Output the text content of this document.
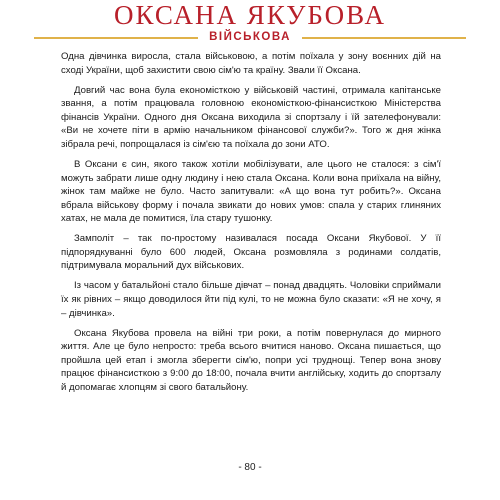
ОКСАНА ЯКУБОВА
ВІЙСЬКОВА

Одна дівчинка виросла, стала військовою, а потім поїхала у зону воєнних дій на сході України, щоб захистити свою сім'ю та країну. Звали її Оксана.

Довгий час вона була економісткою у військовій частині, отримала капітанське звання, а потім працювала головною економісткою-фінансисткою Міністерства фінансів України. Одного дня Оксана виходила зі спортзалу і їй зателефонували: «Ви не хочете піти в армію начальником фінансової служби?». Того ж дня жінка зібрала речі, попрощалася із сім'єю та поїхала до зони АТО.

В Оксани є син, якого також хотіли мобілізувати, але цього не сталося: з сім'ї можуть забрати лише одну людину і нею стала Оксана. Коли вона приїхала на війну, жінок там майже не було. Часто запитували: «А що вона тут робить?». Оксана вбрала військову форму і почала звикати до нових умов: спала у старих глиняних хатах, не мала де помитися, їла стару тушонку.

Замполіт – так по-простому називалася посада Оксани Якубової. У її підпорядкуванні було 600 людей, Оксана розмовляла з родинами солдатів, підтримувала моральний дух військових.

Із часом у батальйоні стало більше дівчат – понад двадцять. Чоловіки сприймали їх як рівних – якщо доводилося йти під кулі, то не можна було сказати: «Я не хочу, я – дівчинка».

Оксана Якубова провела на війні три роки, а потім повернулася до мирного життя. Але це було непросто: треба всього вчитися наново. Оксана пишається, що пройшла цей етап і змогла зберегти сім'ю, попри усі труднощі. Тепер вона знову працює фінансисткою з 9:00 до 18:00, почала вчити англійську, ходить до спортзалу й допомагає хлопцям зі свого батальйону.

- 80 -
